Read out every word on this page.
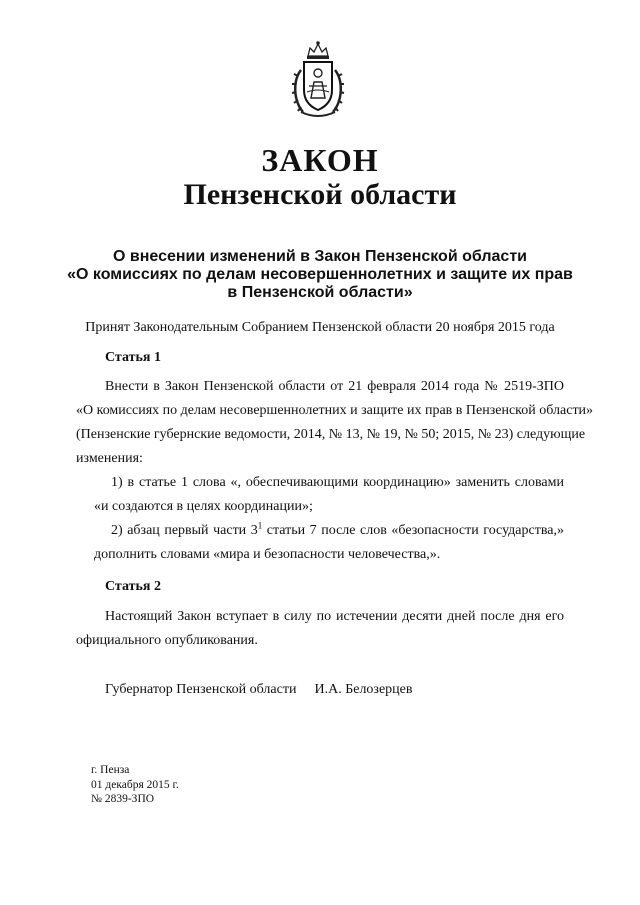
ЗАКОН
Пензенской области
О внесении изменений в Закон Пензенской области
«О комиссиях по делам несовершеннолетних и защите их прав
в Пензенской области»
Принят Законодательным Собранием Пензенской области 20 ноября 2015 года
Статья 1
Внести в Закон Пензенской области от 21 февраля 2014 года № 2519-ЗПО
«О комиссиях по делам несовершеннолетних и защите их прав в Пензенской области»
(Пензенские губернские ведомости, 2014, № 13, № 19, № 50; 2015, № 23) следующие
изменения:
1) в статье 1 слова «, обеспечивающими координацию» заменить словами
«и создаются в целях координации»;
2) абзац первый части $3^1$ статьи 7 после слов «безопасности государства,»
дополнить словами «мира и безопасности человечества,».
Статья 2
Настоящий Закон вступает в силу по истечении десяти дней после дня его
официального опубликования.
Губернатор Пензенской области И.А. Белозерцев
г. Пенза
01 декабря 2015 г.
№ 2839-ЗПО
